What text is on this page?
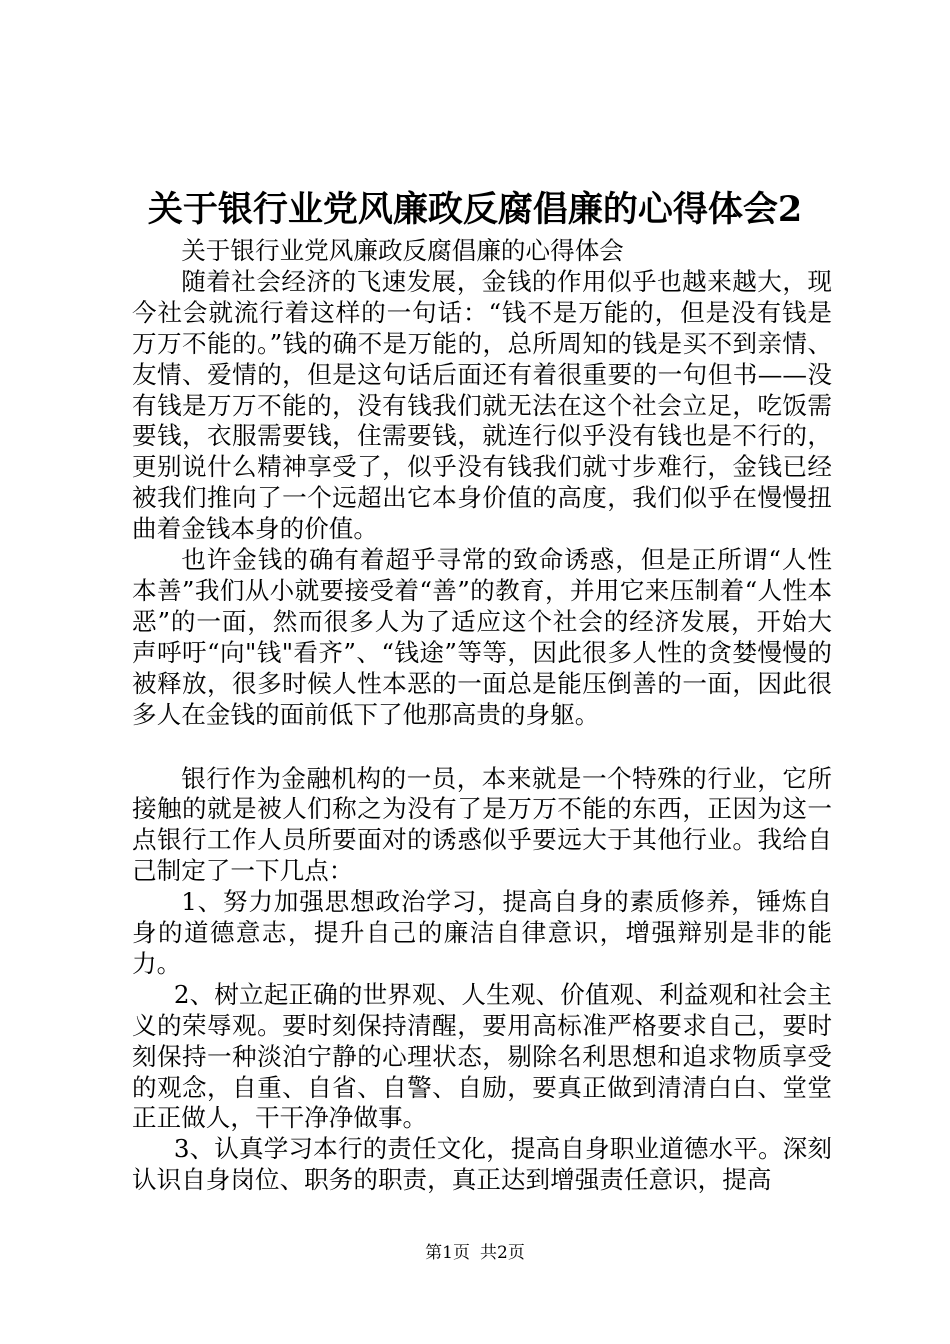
关于银行业党风廉政反腐倡廉的心得体会2

关于银行业党风廉政反腐倡廉的心得体会

随着社会经济的飞速发展，金钱的作用似乎也越来越大，现今社会就流行着这样的一句话：“钱不是万能的，但是没有钱是万万不能的。”钱的确不是万能的，总所周知的钱是买不到亲情、友情、爱情的，但是这句话后面还有着很重要的一句但书——没有钱是万万不能的，没有钱我们就无法在这个社会立足，吃饭需要钱，衣服需要钱，住需要钱，就连行似乎没有钱也是不行的，更别说什么精神享受了，似乎没有钱我们就寸步难行，金钱已经被我们推向了一个远超出它本身价值的高度，我们似乎在慢慢扭曲着金钱本身的价值。

也许金钱的确有着超乎寻常的致命诱惑，但是正所谓“人性本善”我们从小就要接受着“善”的教育，并用它来压制着“人性本恶”的一面，然而很多人为了适应这个社会的经济发展，开始大声呼吁“向"钱"看齐”、“钱途”等等，因此很多人性的贪婪慢慢的被释放，很多时候人性本恶的一面总是能压倒善的一面，因此很多人在金钱的面前低下了他那高贵的身躯。

银行作为金融机构的一员，本来就是一个特殊的行业，它所接触的就是被人们称之为没有了是万万不能的东西，正因为这一点银行工作人员所要面对的诱惑似乎要远大于其他行业。我给自己制定了一下几点：

1、努力加强思想政治学习，提高自身的素质修养，锤炼自身的道德意志，提升自己的廉洁自律意识，增强辩别是非的能力。

2、树立起正确的世界观、人生观、价值观、利益观和社会主义的荣辱观。要时刻保持清醒，要用高标准严格要求自己，要时刻保持一种淡泊宁静的心理状态，剔除名利思想和追求物质享受的观念，自重、自省、自警、自励，要真正做到清清白白、堂堂正正做人，干干净净做事。

3、认真学习本行的责任文化，提高自身职业道德水平。深刻认识自身岗位、职务的职责，真正达到增强责任意识，提高

第1页 共2页
